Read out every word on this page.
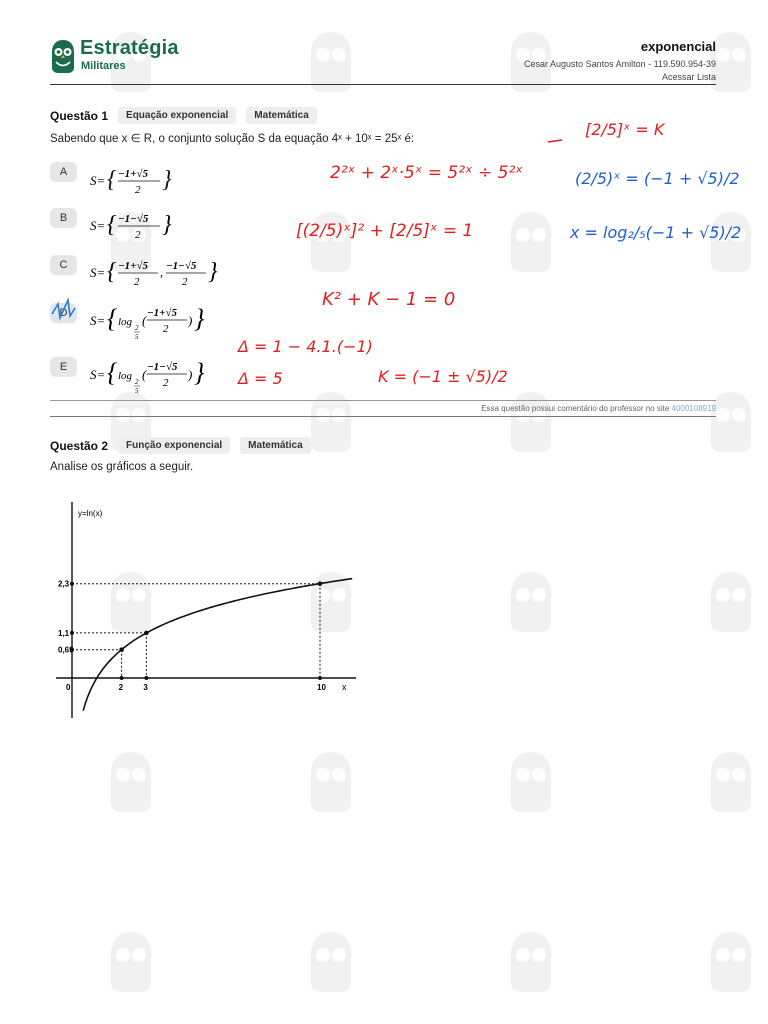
Estratégia
Militares
exponencial
Cesar Augusto Santos Amilton - 119.590.954-39
Acessar Lista
Questão 1	Equação exponencial	Matemática
Sabendo que x ∈ R, o conjunto solução S da equação 4ˣ + 10ˣ = 25ˣ é:
A
S= { −1+√5
2 }
B	S= { −1−√5
2 }
C	S= { −1+√5
2
, −1−√5
2 }
D	S= { log 2
5
( −1+√5
2
) }
E	S= { log 2
5
( −1−√5
2
) }
2²ˣ + 2ˣ·5ˣ = 5²ˣ ÷ 5²ˣ
[2/5]ˣ = K
[(2/5)ˣ]² + [2/5]ˣ = 1
K² + K − 1 = 0
Δ = 1 − 4.1.(−1)
Δ = 5	K = (−1 ± √5)/2
(2/5)ˣ = (−1 + √5)/2
x = log₂/₅(−1 + √5)/2
Essa questão possui comentário do professor no site 4000108919
Questão 2	Função exponencial	Matemática
Analise os gráficos a seguir.
y=ln(x)
x
0
0,69
2
1,1
3
2,3
10
